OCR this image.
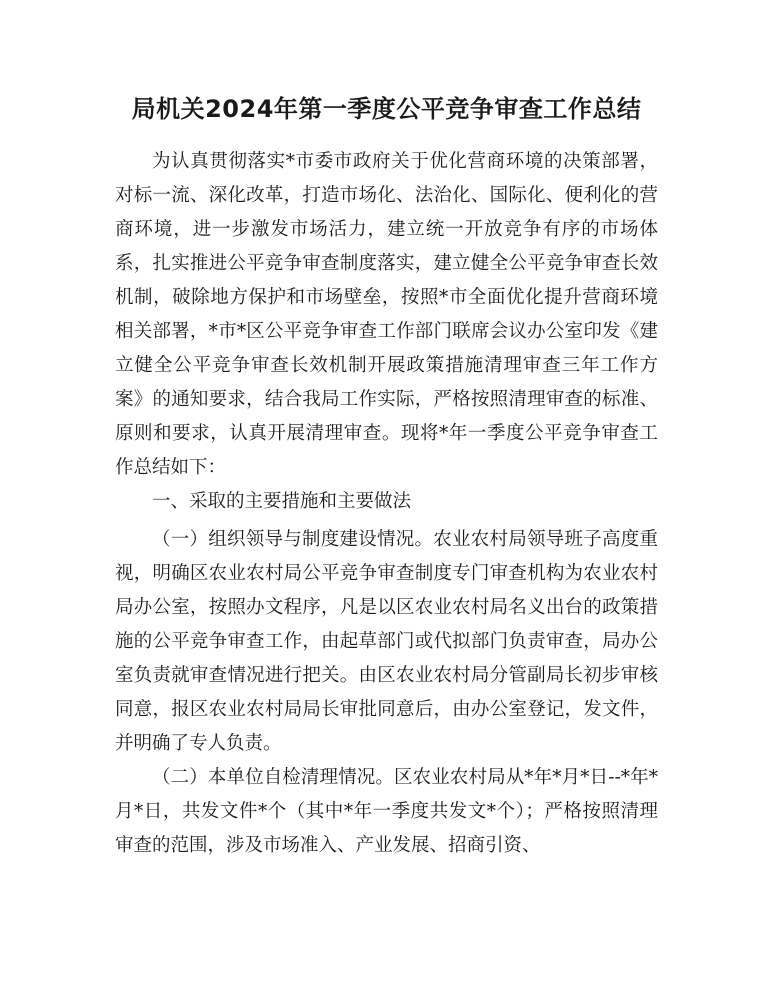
局机关2024年第一季度公平竞争审查工作总结

为认真贯彻落实*市委市政府关于优化营商环境的决策部署，对标一流、深化改革，打造市场化、法治化、国际化、便利化的营商环境，进一步激发市场活力，建立统一开放竞争有序的市场体系，扎实推进公平竞争审查制度落实，建立健全公平竞争审查长效机制，破除地方保护和市场壁垒，按照*市全面优化提升营商环境相关部署，*市*区公平竞争审查工作部门联席会议办公室印发《建立健全公平竞争审查长效机制开展政策措施清理审查三年工作方案》的通知要求，结合我局工作实际，严格按照清理审查的标准、原则和要求，认真开展清理审查。现将*年一季度公平竞争审查工作总结如下：

一、采取的主要措施和主要做法

（一）组织领导与制度建设情况。农业农村局领导班子高度重视，明确区农业农村局公平竞争审查制度专门审查机构为农业农村局办公室，按照办文程序，凡是以区农业农村局名义出台的政策措施的公平竞争审查工作，由起草部门或代拟部门负责审查，局办公室负责就审查情况进行把关。由区农业农村局分管副局长初步审核同意，报区农业农村局局长审批同意后，由办公室登记，发文件，并明确了专人负责。

（二）本单位自检清理情况。区农业农村局从*年*月*日--*年*月*日，共发文件*个（其中*年一季度共发文*个）；严格按照清理审查的范围，涉及市场准入、产业发展、招商引资、
